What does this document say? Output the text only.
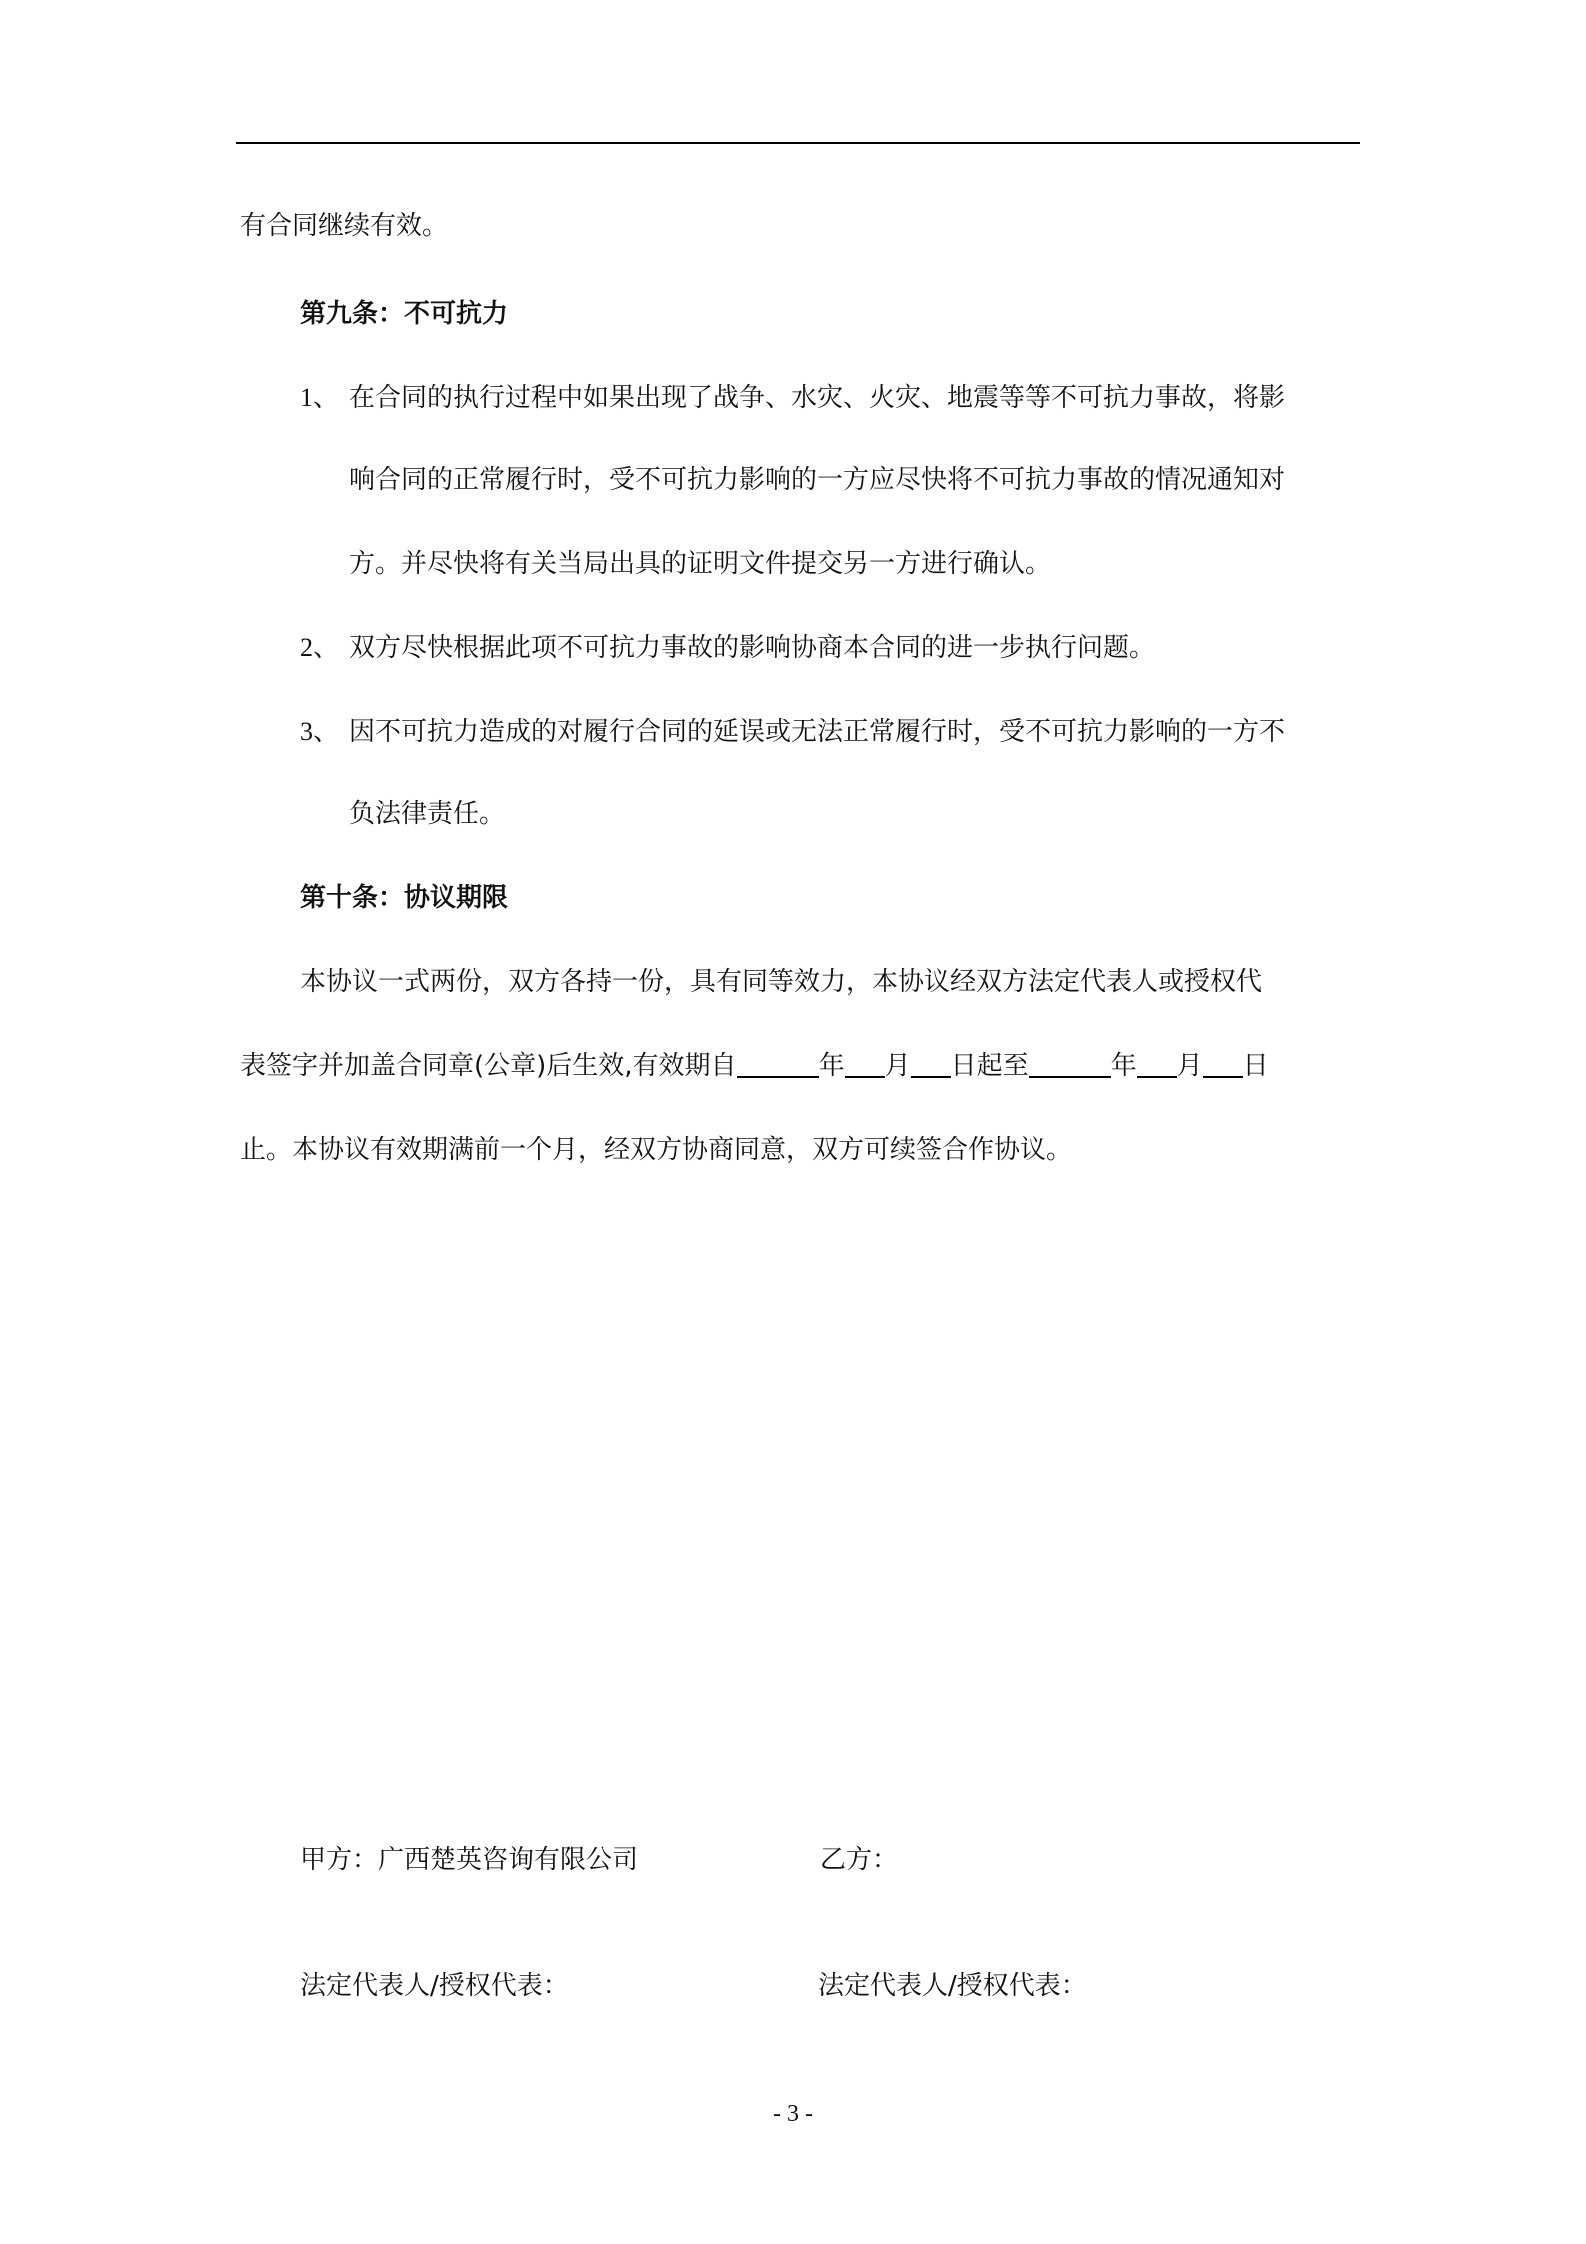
有合同继续有效。
第九条：不可抗力
1、 在合同的执行过程中如果出现了战争、水灾、火灾、地震等等不可抗力事故，将影
响合同的正常履行时，受不可抗力影响的一方应尽快将不可抗力事故的情况通知对
方。并尽快将有关当局出具的证明文件提交另一方进行确认。
2、 双方尽快根据此项不可抗力事故的影响协商本合同的进一步执行问题。
3、 因不可抗力造成的对履行合同的延误或无法正常履行时，受不可抗力影响的一方不
负法律责任。
第十条：协议期限
本协议一式两份，双方各持一份，具有同等效力，本协议经双方法定代表人或授权代
表签字并加盖合同章(公章)后生效,有效期自	年 月 日起至	年 月 日
止。本协议有效期满前一个月，经双方协商同意，双方可续签合作协议。
甲方：广西楚英咨询有限公司	乙方：
法定代表人/授权代表：	法定代表人/授权代表：
- 3 -
